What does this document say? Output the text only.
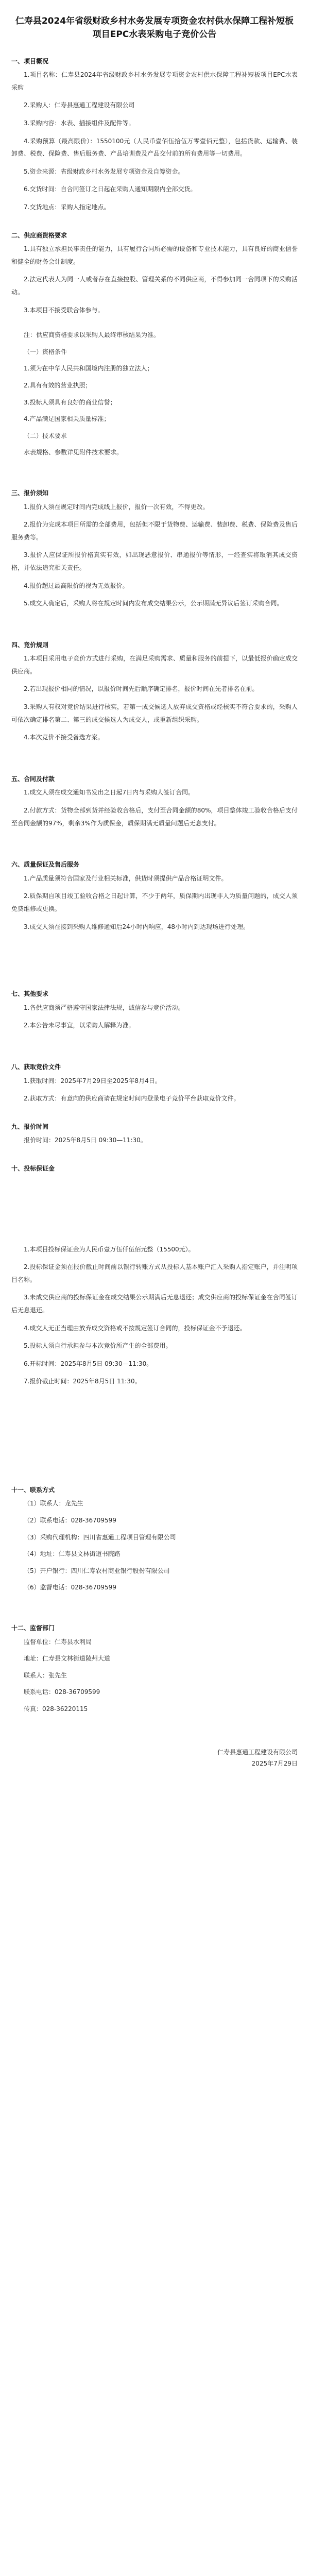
仁寿县2024年省级财政乡村水务发展专项资金农村供水保障工程补短板项目EPC水表采购电子竞价公告
一、项目概况

1.项目名称：仁寿县2024年省级财政乡村水务发展专项资金农村供水保障工程补短板项目EPC水表采购

2.采购人：仁寿县惠通工程建设有限公司

3.采购内容：水表、插接组件及配件等。

4.采购预算（最高限价）：1550100元（人民币壹佰伍拾伍万零壹佰元整），包括货款、运输费、装卸费、税费、保险费、售后服务费、产品培训费及产品交付前的所有费用等一切费用。

5.资金来源：省级财政乡村水务发展专项资金及自筹资金。

6.交货时间：自合同签订之日起在采购人通知期限内全部交货。

7.交货地点：采购人指定地点。

二、供应商资格要求

1.具有独立承担民事责任的能力，具有履行合同所必需的设备和专业技术能力，具有良好的商业信誉和健全的财务会计制度。

2.法定代表人为同一人或者存在直接控股、管理关系的不同供应商，不得参加同一合同项下的采购活动。

3.本项目不接受联合体参与。

注：供应商资格要求以采购人最终审核结果为准。

（一）资格条件

1.须为在中华人民共和国境内注册的独立法人；

2.具有有效的营业执照；

3.投标人须具有良好的商业信誉；

4.产品满足国家相关质量标准；

（二）技术要求

水表规格、参数详见附件技术要求。

三、报价须知

1.报价人须在规定时间内完成线上报价，报价一次有效，不得更改。

2.报价为完成本项目所需的全部费用，包括但不限于货物费、运输费、装卸费、税费、保险费及售后服务费等。

3.报价人应保证所报价格真实有效，如出现恶意报价、串通报价等情形，一经查实将取消其成交资格，并依法追究相关责任。

4.报价超过最高限价的视为无效报价。

5.成交人确定后，采购人将在规定时间内发布成交结果公示，公示期满无异议后签订采购合同。

四、竞价规则

1.本项目采用电子竞价方式进行采购，在满足采购需求、质量和服务的前提下，以最低报价确定成交供应商。

2.若出现报价相同的情况，以报价时间先后顺序确定排名，报价时间在先者排名在前。

3.采购人有权对竞价结果进行核实，若第一成交候选人放弃成交资格或经核实不符合要求的，采购人可依次确定排名第二、第三的成交候选人为成交人，或重新组织采购。

4.本次竞价不接受备选方案。

五、合同及付款

1.成交人须在成交通知书发出之日起7日内与采购人签订合同。

2.付款方式：货物全部到货并经验收合格后，支付至合同金额的80%，项目整体竣工验收合格后支付至合同金额的97%，剩余3%作为质保金，质保期满无质量问题后无息支付。

六、质量保证及售后服务

1.产品质量须符合国家及行业相关标准，供货时须提供产品合格证明文件。

2.质保期自项目竣工验收合格之日起计算，不少于两年，质保期内出现非人为质量问题的，成交人须免费维修或更换。

3.成交人须在接到采购人维修通知后24小时内响应，48小时内到达现场进行处理。

七、其他要求

1.各供应商须严格遵守国家法律法规，诚信参与竞价活动。

2.本公告未尽事宜，以采购人解释为准。

八、获取竞价文件

1.获取时间：2025年7月29日至2025年8月4日。

2.获取方式：有意向的供应商请在规定时间内登录电子竞价平台获取竞价文件。

九、报价时间

报价时间：2025年8月5日 09:30—11:30。

十、投标保证金

1.本项目投标保证金为人民币壹万伍仟伍佰元整（15500元）。

2.投标保证金须在报价截止时间前以银行转账方式从投标人基本账户汇入采购人指定账户，并注明项目名称。

3.未成交供应商的投标保证金在成交结果公示期满后无息退还；成交供应商的投标保证金在合同签订后无息退还。

4.成交人无正当理由放弃成交资格或不按规定签订合同的，投标保证金不予退还。

5.投标人须自行承担参与本次竞价所产生的全部费用。

6.开标时间：2025年8月5日 09:30—11:30。

7.报价截止时间：2025年8月5日 11:30。

十一、联系方式

（1）联系人：龙先生

（2）联系电话：028-36709599

（3）采购代理机构：四川省惠通工程项目管理有限公司

（4）地址：仁寿县文林街道书院路

（5）开户银行：四川仁寿农村商业银行股份有限公司

（6）监督电话：028-36709599

十二、监督部门

监督单位：仁寿县水利局

地址：仁寿县文林街道陵州大道

联系人：张先生

联系电话：028-36709599

传真：028-36220115

仁寿县惠通工程建设有限公司
2025年7月29日
